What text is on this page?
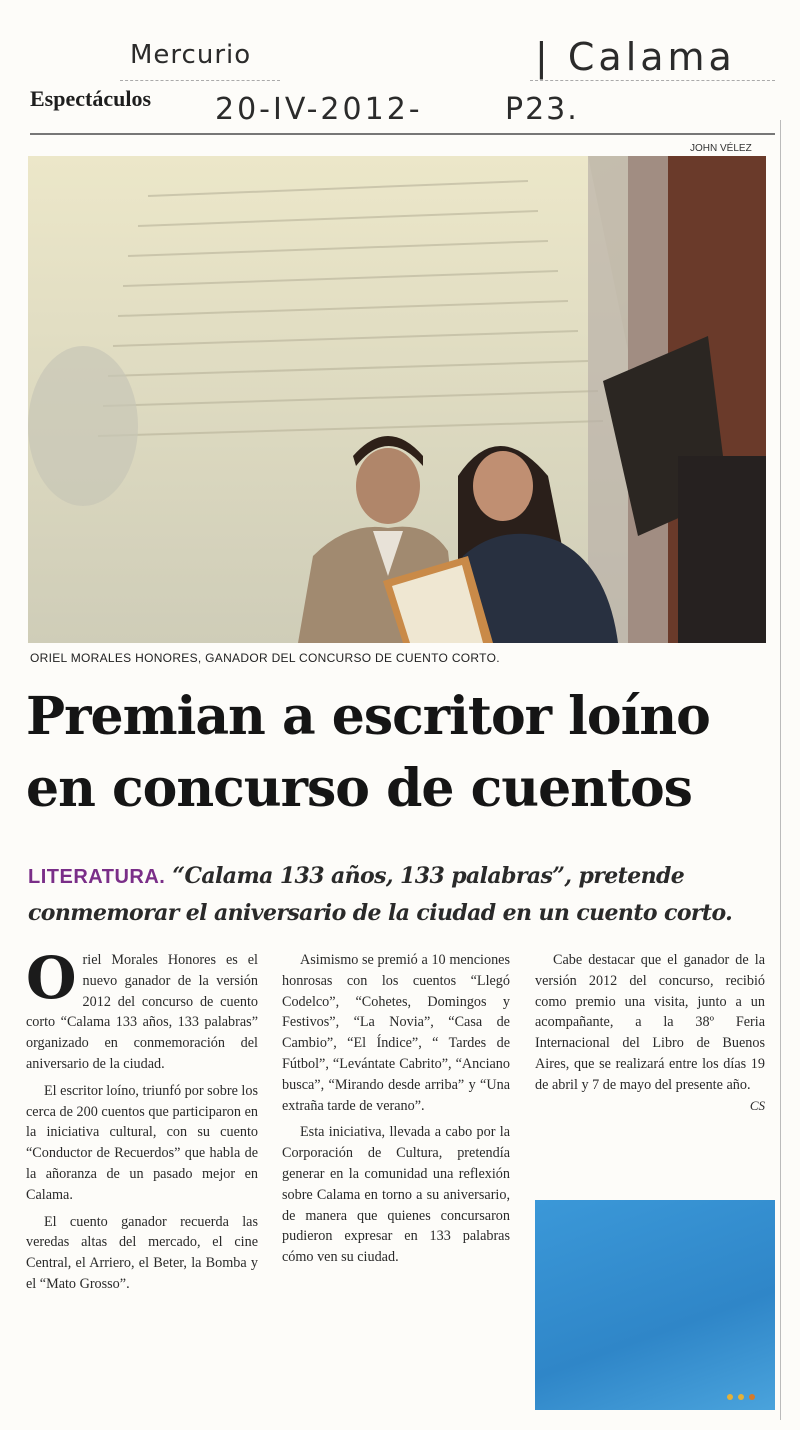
Mercurio	| Calama
20-IV-2012-	P23.
Espectáculos
JOHN VÉLEZ
ORIEL MORALES HONORES, GANADOR DEL CONCURSO DE CUENTO CORTO.
Premian a escritor loíno
en concurso de cuentos
LITERATURA. “Calama 133 años, 133 palabras”, pretende conmemorar el aniversario de la ciudad en un cuento corto.

Oriel Morales Honores es el nuevo ganador de la versión 2012 del concurso de cuento corto “Calama 133 años, 133 palabras” organizado en conmemoración del aniversario de la ciudad.

El escritor loíno, triunfó por sobre los cerca de 200 cuentos que participaron en la iniciativa cultural, con su cuento “Conductor de Recuerdos” que habla de la añoranza de un pasado mejor en Calama.

El cuento ganador recuerda las veredas altas del mercado, el cine Central, el Arriero, el Beter, la Bomba y el “Mato Grosso”.

Asimismo se premió a 10 menciones honrosas con los cuentos “Llegó Codelco”, “Cohetes, Domingos y Festivos”, “La Novia”, “Casa de Cambio”, “El Índice”, “ Tardes de Fútbol”, “Levántate Cabrito”, “Anciano busca”, “Mirando desde arriba” y “Una extraña tarde de verano”.

Esta iniciativa, llevada a cabo por la Corporación de Cultura, pretendía generar en la comunidad una reflexión sobre Calama en torno a su aniversario, de manera que quienes concursaron pudieron expresar en 133 palabras cómo ven su ciudad.

Cabe destacar que el ganador de la versión 2012 del concurso, recibió como premio una visita, junto a un acompañante, a la 38º Feria Internacional del Libro de Buenos Aires, que se realizará entre los días 19 de abril y 7 de mayo del presente año.
CS
